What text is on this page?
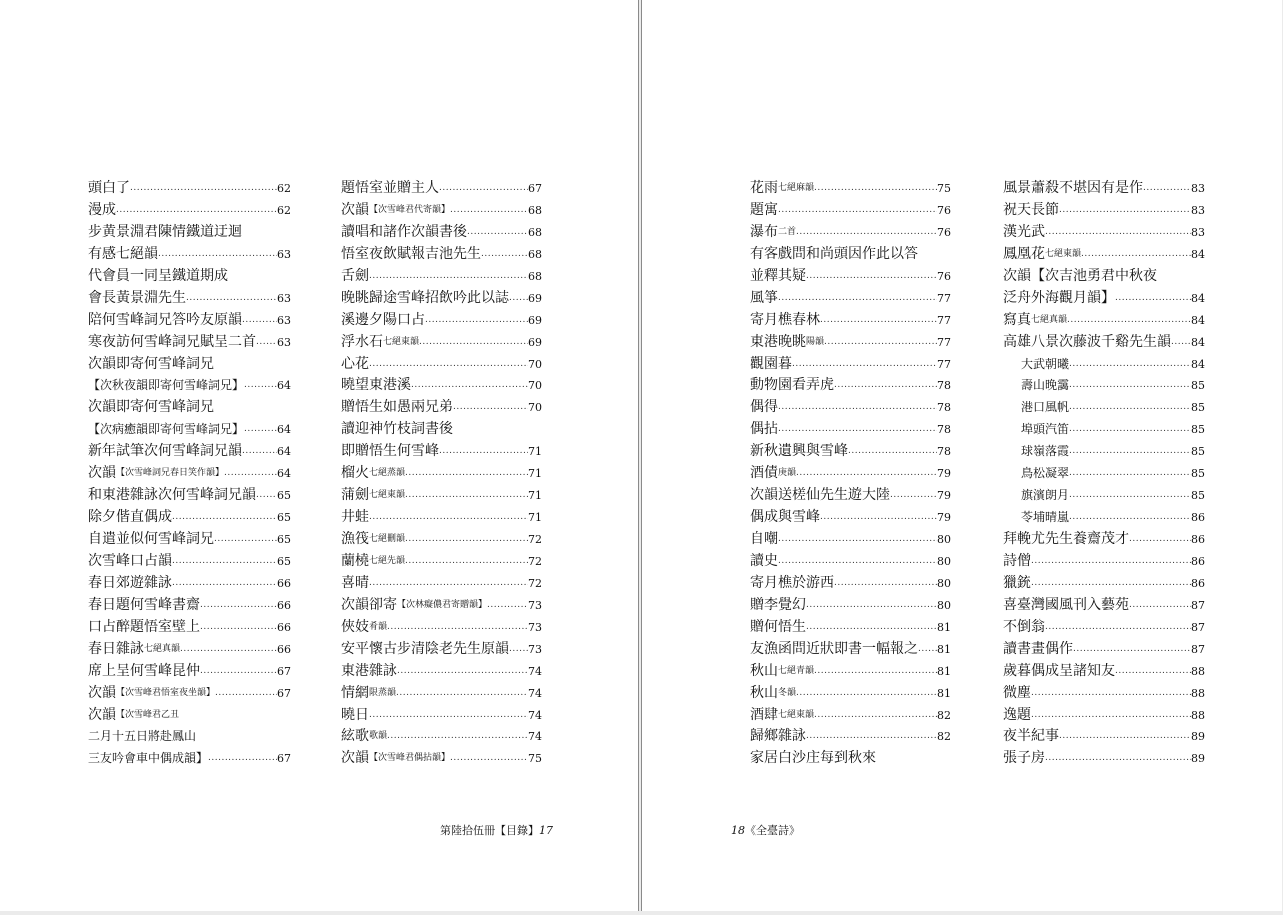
頭白了 .....	62
漫成 .....	62
步黄景淵君陳情鐵道迂迴
有感七絕韻 .....	63
代會員一同呈鐵道期成
會長黃景淵先生 .....	63
陪何雪峰詞兄答吟友原韻 .....	63
寒夜訪何雪峰詞兄賦呈二首 ..... 63
次韻即寄何雪峰詞兄
【次秋夜韻即寄何雪峰詞兄】 .....	64
次韻即寄何雪峰詞兄
【次病癒韻即寄何雪峰詞兄】 .....	64
新年試筆次何雪峰詞兄韻 .....	64
次韻 【次雪峰詞兄春日笑作韻】 .....	64
和東港雜詠次何雪峰詞兄韻 ..... 65
除夕偕直偶成 .....	65
自遣並似何雪峰詞兄 .....	65
次雪峰口占韻 .....	65
春日郊遊雜詠 .....	66
春日題何雪峰書齋 .....	66
口占醉題悟室壁上 .....	66
春日雜詠 七絕真韻 .....	66
席上呈何雪峰昆仲 .....	67
次韻 【次雪峰君悟室夜坐韻】 .....	67
次韻 【次雪峰君乙丑
二月十五日將赴鳳山
三友吟會車中偶成韻】 .....	67
題悟室並贈主人 .....	67
次韻 【次雪峰君代寄韻】 .....	68
讀唱和諸作次韻書後 .....	68
悟室夜飲賦報吉池先生 .....	68
舌劍 .....	68
晚眺歸途雪峰招飲吟此以誌 ..... 69
溪邊夕陽口占 .....	69
浮水石 七絕東韻 .....	69
心花 .....	70
曉望東港溪 .....	70
贈悟生如愚兩兄弟 .....	70
讀迎神竹枝詞書後
即贈悟生何雪峰 .....	71
榴火 七絕蒸韻 .....	71
蒲劍 七絕東韻 .....	71
井蛙 .....	71
漁筏 七絕刪韻 .....	72
蘭橈 七絕先韻 .....	72
喜晴 .....	72
次韻卻寄 【次林癡儂君寄贈韻】 .....	73
俠妓 肴韻 .....	73
安平懷古步清陰老先生原韻 ..... 73
東港雜詠 .....	74
情網 限蒸韻 .....	74
曉日 .....	74
絃歌 歌韻 .....	74
次韻 【次雪峰君偶拈韻】 .....	75
第陸拾伍冊【目錄】17
花雨 七絕麻韻 .....	75
題寓 .....	76
瀑布 二首 .....	76
有客戲問和尚頭因作此以答
並釋其疑 .....	76
風箏 .....	77
寄月樵春林 .....	77
東港晚眺 陽韻 .....	77
觀園暮 .....	77
動物園看弄虎 .....	78
偶得 .....	78
偶拈 .....	78
新秋遺興與雪峰 .....	78
酒債 庚韻 .....	79
次韻送槎仙先生遊大陸 .....	79
偶成與雪峰 .....	79
自嘲 .....	80
讀史 .....	80
寄月樵於游西 .....	80
贈李覺幻 .....	80
贈何悟生 .....	81
友漁函問近狀即書一幅報之 ..... 81
秋山 七絕青韻 .....	81
秋山 冬韻 .....	81
酒肆 七絕東韻 .....	82
歸鄉雜詠 .....	82
家居白沙庄每到秋來
風景蕭殺不堪因有是作 .....	83
祝天長節 .....	83
漢光武 .....	83
鳳凰花 七絕東韻 .....	84
次韻【次吉池勇君中秋夜
泛舟外海觀月韻】 .....	84
寫真 七絕真韻 .....	84
高雄八景次藤波千谿先生韻 ..... 84
大武朝曦 .....	84
壽山晚靄 .....	85
港口風帆 .....	85
埠頭汽笛 .....	85
球嶺落霞 .....	85
鳥松凝翠 .....	85
旗濱朗月 .....	85
苓埔晴嵐 .....	86
拜輓尤先生養齋茂才 .....	86
詩僧 .....	86
獵銃 .....	86
喜臺灣國風刊入藝苑 .....	87
不倒翁 .....	87
讀書畫偶作 .....	87
歲暮偶成呈諸知友 .....	88
微塵 .....	88
逸題 .....	88
夜半紀事 .....	89
張子房 .....	89
18《全臺詩》
